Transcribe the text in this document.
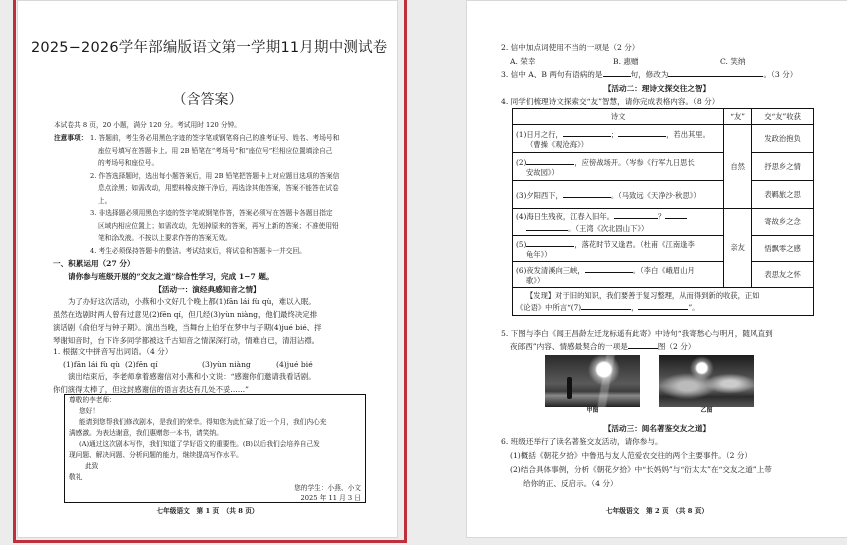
2025−2026学年部编版语文第一学期11月期中测试卷
（含答案）
本试卷共 8 页，20 小题，满分 120 分。考试用时 120 分钟。
注意事项： 1. 答题前，考生务必用黑色字迹的签字笔或钢笔将自己的准考证号、姓名、考场号和
座位号填写在答题卡上。用 2B 铅笔在“考场号”和“座位号”栏相应位置填涂自己
的考场号和座位号。
2. 作答选择题时，选出每小题答案后，用 2B 铅笔把答题卡上对应题目选项的答案信
息点涂黑；如需改动，用塑料橡皮擦干净后，再选涂其他答案，答案不能答在试卷
上。
3. 非选择题必须用黑色字迹的签字笔或钢笔作答，答案必须写在答题卡各题目指定
区域内相应位置上；如需改动，先划掉原来的答案，再写上新的答案；不准使用铅
笔和涂改液。不按以上要求作答的答案无效。
4. 考生必须保持答题卡的整洁。考试结束后，将试卷和答题卡一并交回。
一、积累运用（27 分）
请你参与班级开展的“交友之道”综合性学习，完成 1−7 题。
【活动一：演经典感知音之情】
为了办好这次活动，小燕和小文好几个晚上都(1)fān lái fù qù，难以入眠。
虽然在选剧时两人曾有过意见(2)fēn qí，但几经(3)yùn niàng，他们最终决定排
演话剧《俞伯牙与钟子期》。演出当晚，当舞台上伯牙在梦中与子期(4)jué bié、拌
琴谢知音时，台下许多同学都被这千古知音之情深深打动，情难自已，清泪沾襟。
1. 根据文中拼音写出词语。（4 分）
(1)fān lái fù qù (2)fēn qí	(3)yùn niàng	(4)jué bié
演出结束后，李老师拿着感谢信对小燕和小文说：“感谢你们邀请我看话剧。
你们演得太棒了，但这封感谢信的语言表达有几处不妥……”
尊敬的李老师：
您好！
能请到您帮我们修改剧本，是我们的荣幸。得知您为此忙碌了近一个月，我们内心充
满感激。为表达谢意，我们惠赠您一本书，请笑纳。
(A)通过这次剧本写作，我们知道了学好语文的重要性。(B)以后我们会培养自己发
现问题、解决问题、分析问题的能力，继续提高写作水平。
此致
敬礼
您的学生：小燕、小文
2025 年 11 月 3 日
七年级语文　第 1 页　（共 8 页）
2. 信中加点词使用不当的一项是（2 分）
A. 荣幸	B. 惠赠	C. 笑纳
3. 信中 A、B 两句有语病的是	句，修改为	。（3 分）
【活动二：理诗文探交往之智】
4. 同学们梳理诗文探索交“友”智慧，请你完成表格内容。（8 分）
诗文	“友”	交“友”收获
(1)日月之行， ； ，若出其里。
（曹操《观沧海》）	自然	发政治抱负
(2) ，应傍战场开。（岑参《行军九日思长
安故园》）		抒思乡之情
(3)夕阳西下， 。（马致远《天净沙·秋思》）		表羁旅之思
(4)海日生残夜，江春入旧年。 ？
。（王湾《次北固山下》）	亲友	寄故乡之念
(5) ，落花时节又逢君。（杜甫《江南逢李
龟年》）		悟飘零之感
(6)夜发清溪向三峡， 。（李白《峨眉山月
歌》）		表思友之怀
【发现】对于旧的知识，我们要善于复习整理，从而得到新的收获，正如
《论语》中所言“(7) ， ”。		
5. 下图与李白《闻王昌龄左迁龙标遥有此寄》中诗句“我寄愁心与明月，随风直到
夜郎西”内容、情感最契合的一项是	图（2 分）
甲图	乙图
【活动三：阅名著鉴交友之道】
6. 班级还举行了读名著鉴交友活动，请你参与。
(1)概括《朝花夕拾》中鲁迅与友人范爱农交往的两个主要事件。（2 分）
(2)结合具体事例，分析《朝花夕拾》中“长妈妈”与“衍太太”在“交友之道”上带
给你的正、反启示。（4 分）
七年级语文　第 2 页　（共 8 页）
